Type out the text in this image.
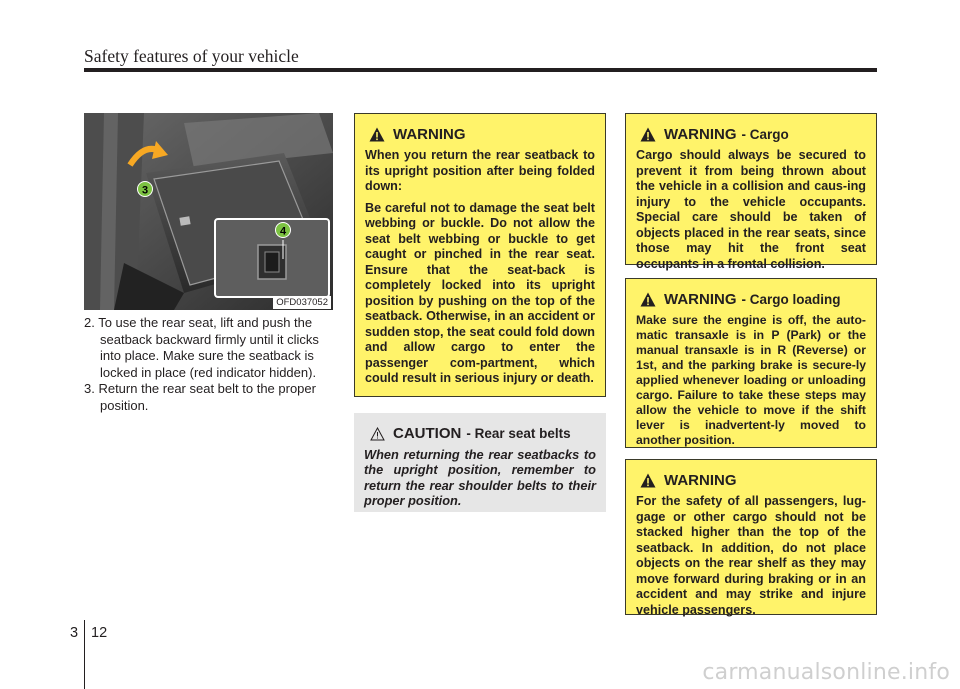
Safety features of your vehicle
3
4
OFD037052

2. To use the rear seat, lift and push the seatback backward firmly until it clicks into place. Make sure the seatback is locked in place (red indicator hidden).

3. Return the rear seat belt to the proper position.

WARNING

When you return the rear seatback to its upright position after being folded down:

Be careful not to damage the seat belt webbing or buckle. Do not allow the seat belt webbing or buckle to get caught or pinched in the rear seat. Ensure that the seat-back is completely locked into its upright position by pushing on the top of the seatback. Otherwise, in an accident or sudden stop, the seat could fold down and allow cargo to enter the passenger com-partment, which could result in serious injury or death.

CAUTION - Rear seat belts

When returning the rear seatbacks to the upright position, remember to return the rear shoulder belts to their proper position.

WARNING - Cargo

Cargo should always be secured to prevent it from being thrown about the vehicle in a collision and caus-ing injury to the vehicle occupants. Special care should be taken of objects placed in the rear seats, since those may hit the front seat occupants in a frontal collision.

WARNING - Cargo loading

Make sure the engine is off, the auto-matic transaxle is in P (Park) or the manual transaxle is in R (Reverse) or 1st, and the parking brake is secure-ly applied whenever loading or unloading cargo. Failure to take these steps may allow the vehicle to move if the shift lever is inadvertent-ly moved to another position.

WARNING

For the safety of all passengers, lug-gage or other cargo should not be stacked higher than the top of the seatback. In addition, do not place objects on the rear shelf as they may move forward during braking or in an accident and may strike and injure vehicle passengers.

3 12
carmanualsonline.info
